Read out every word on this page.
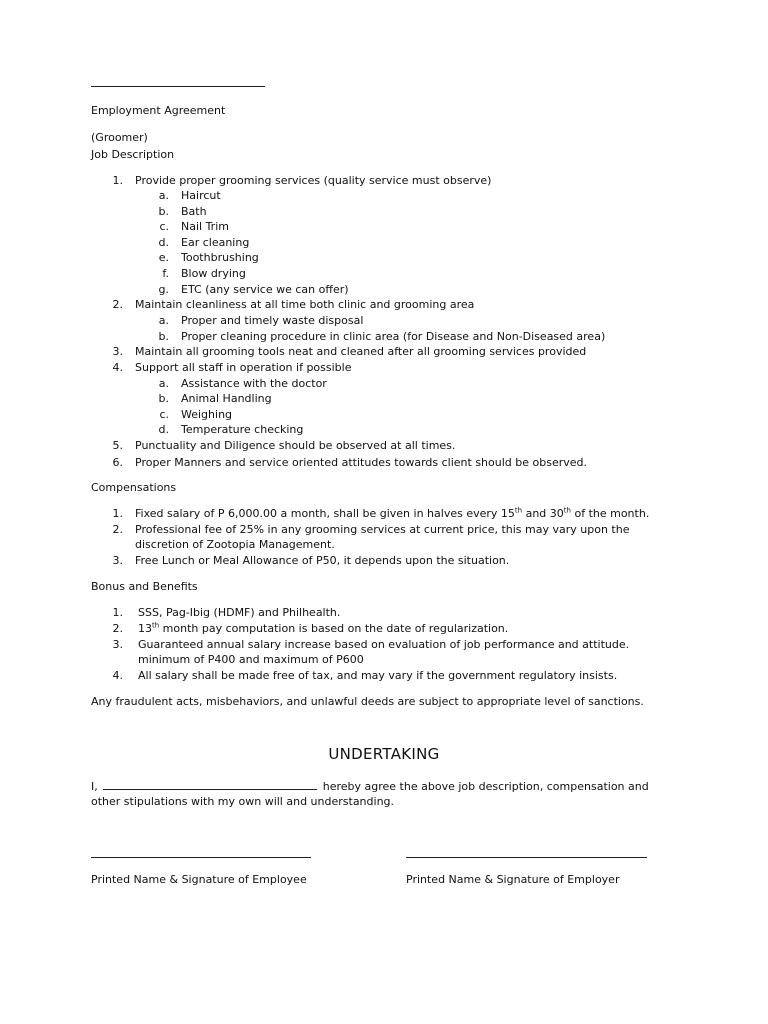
Employment Agreement
(Groomer)
Job Description
1. Provide proper grooming services (quality service must observe)
a. Haircut
b. Bath
c. Nail Trim
d. Ear cleaning
e. Toothbrushing
f. Blow drying
g. ETC (any service we can offer)
2. Maintain cleanliness at all time both clinic and grooming area
a. Proper and timely waste disposal
b. Proper cleaning procedure in clinic area (for Disease and Non-Diseased area)
3. Maintain all grooming tools neat and cleaned after all grooming services provided
4. Support all staff in operation if possible
a. Assistance with the doctor
b. Animal Handling
c. Weighing
d. Temperature checking
5. Punctuality and Diligence should be observed at all times.
6. Proper Manners and service oriented attitudes towards client should be observed.
Compensations
1. Fixed salary of P 6,000.00 a month, shall be given in halves every 15th and 30th of the month.
2. Professional fee of 25% in any grooming services at current price, this may vary upon the
discretion of Zootopia Management.
3. Free Lunch or Meal Allowance of P50, it depends upon the situation.
Bonus and Benefits
1. SSS, Pag-Ibig (HDMF) and Philhealth.
2. 13th month pay computation is based on the date of regularization.
3. Guaranteed annual salary increase based on evaluation of job performance and attitude.
minimum of P400 and maximum of P600
4. All salary shall be made free of tax, and may vary if the government regulatory insists.
Any fraudulent acts, misbehaviors, and unlawful deeds are subject to appropriate level of sanctions.
UNDERTAKING
I,	hereby agree the above job description, compensation and
other stipulations with my own will and understanding.
Printed Name & Signature of Employee	Printed Name & Signature of Employer
